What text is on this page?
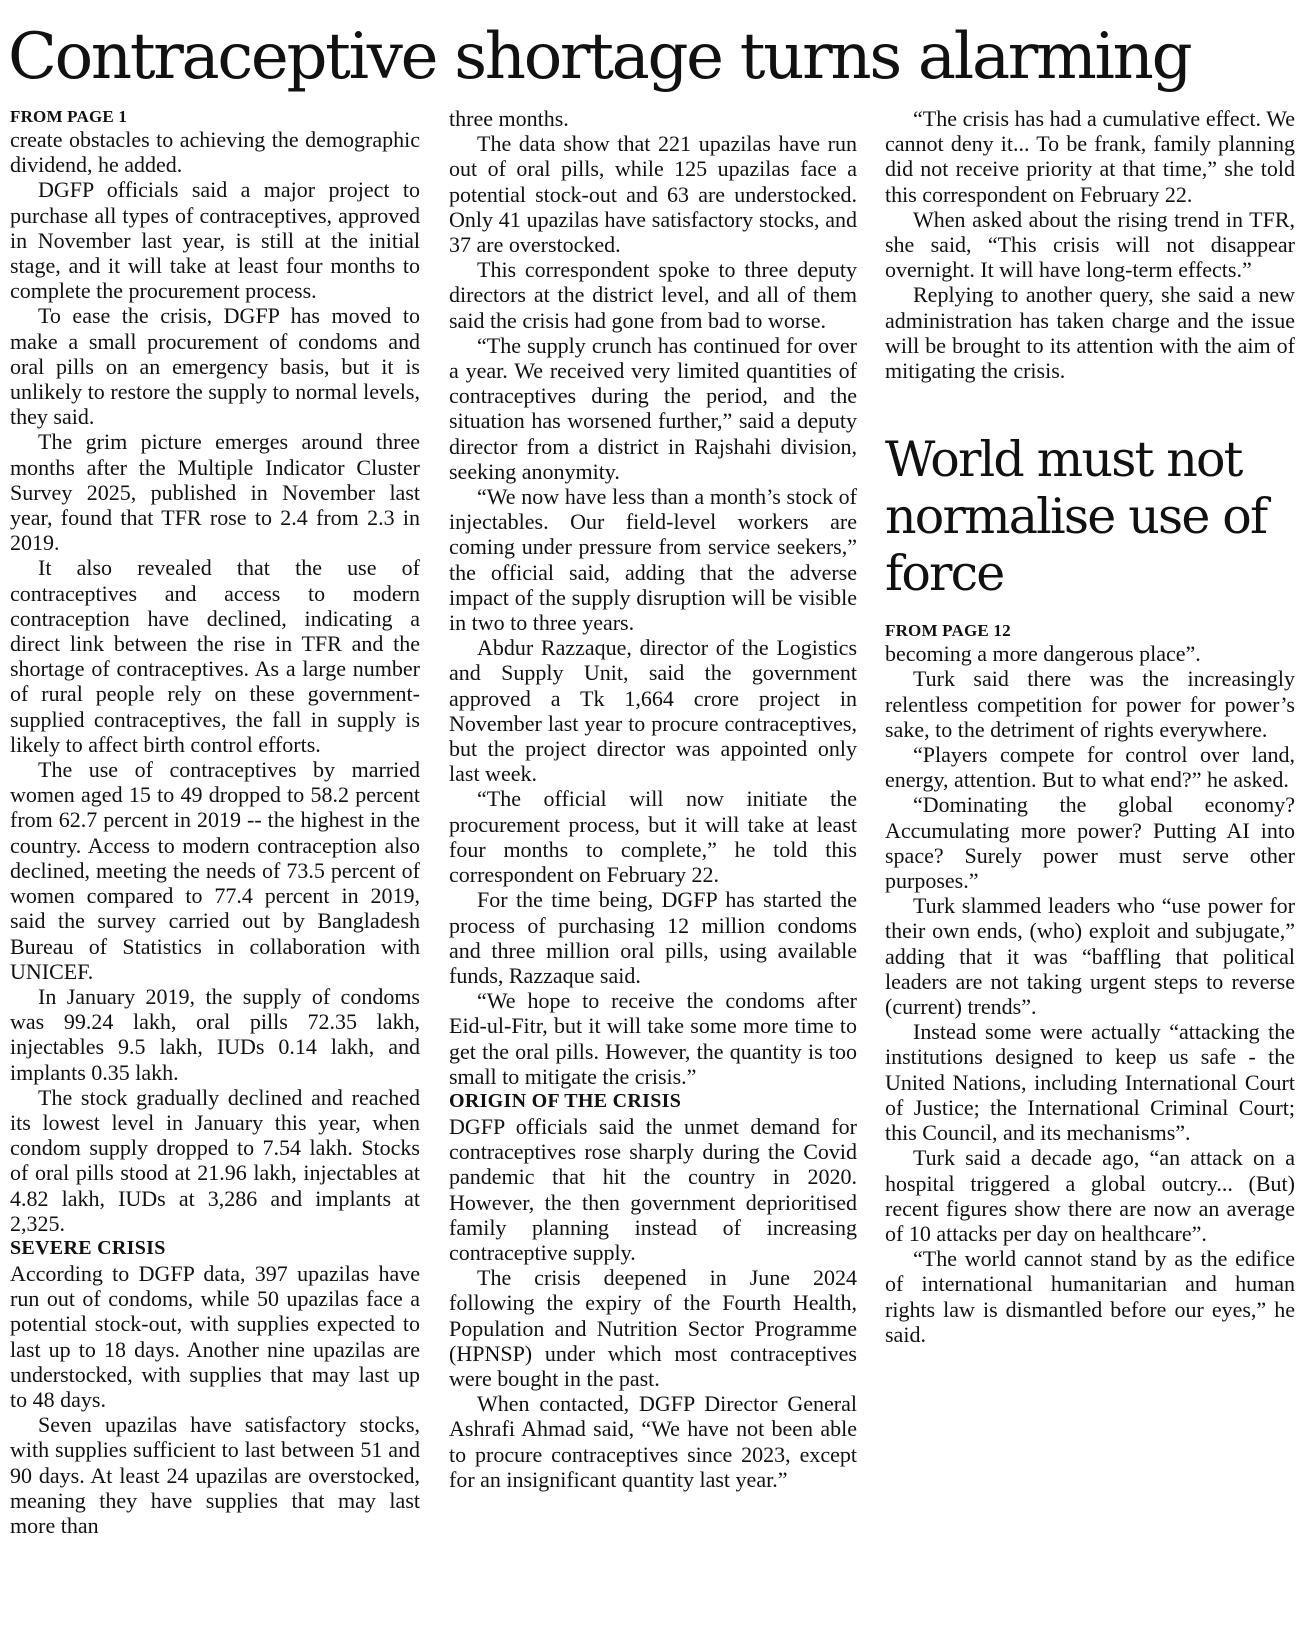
Contraceptive shortage turns alarming
FROM PAGE 1

create obstacles to achieving the demographic dividend, he added.

DGFP officials said a major project to purchase all types of contraceptives, approved in November last year, is still at the initial stage, and it will take at least four months to complete the procurement process.

To ease the crisis, DGFP has moved to make a small procurement of condoms and oral pills on an emergency basis, but it is unlikely to restore the supply to normal levels, they said.

The grim picture emerges around three months after the Multiple Indicator Cluster Survey 2025, published in November last year, found that TFR rose to 2.4 from 2.3 in 2019.

It also revealed that the use of contraceptives and access to modern contraception have declined, indicating a direct link between the rise in TFR and the shortage of contraceptives. As a large number of rural people rely on these government-supplied contraceptives, the fall in supply is likely to affect birth control efforts.

The use of contraceptives by married women aged 15 to 49 dropped to 58.2 percent from 62.7 percent in 2019 -- the highest in the country. Access to modern contraception also declined, meeting the needs of 73.5 percent of women compared to 77.4 percent in 2019, said the survey carried out by Bangladesh Bureau of Statistics in collaboration with UNICEF.

In January 2019, the supply of condoms was 99.24 lakh, oral pills 72.35 lakh, injectables 9.5 lakh, IUDs 0.14 lakh, and implants 0.35 lakh.

The stock gradually declined and reached its lowest level in January this year, when condom supply dropped to 7.54 lakh. Stocks of oral pills stood at 21.96 lakh, injectables at 4.82 lakh, IUDs at 3,286 and implants at 2,325.

SEVERE CRISIS

According to DGFP data, 397 upazilas have run out of condoms, while 50 upazilas face a potential stock-out, with supplies expected to last up to 18 days. Another nine upazilas are understocked, with supplies that may last up to 48 days.

Seven upazilas have satisfactory stocks, with supplies sufficient to last between 51 and 90 days. At least 24 upazilas are overstocked, meaning they have supplies that may last more than

three months.

The data show that 221 upazilas have run out of oral pills, while 125 upazilas face a potential stock-out and 63 are understocked. Only 41 upazilas have satisfactory stocks, and 37 are overstocked.

This correspondent spoke to three deputy directors at the district level, and all of them said the crisis had gone from bad to worse.

“The supply crunch has continued for over a year. We received very limited quantities of contraceptives during the period, and the situation has worsened further,” said a deputy director from a district in Rajshahi division, seeking anonymity.

“We now have less than a month’s stock of injectables. Our field-level workers are coming under pressure from service seekers,” the official said, adding that the adverse impact of the supply disruption will be visible in two to three years.

Abdur Razzaque, director of the Logistics and Supply Unit, said the government approved a Tk 1,664 crore project in November last year to procure contraceptives, but the project director was appointed only last week.

“The official will now initiate the procurement process, but it will take at least four months to complete,” he told this correspondent on February 22.

For the time being, DGFP has started the process of purchasing 12 million condoms and three million oral pills, using available funds, Razzaque said.

“We hope to receive the condoms after Eid-ul-Fitr, but it will take some more time to get the oral pills. However, the quantity is too small to mitigate the crisis.”

ORIGIN OF THE CRISIS

DGFP officials said the unmet demand for contraceptives rose sharply during the Covid pandemic that hit the country in 2020. However, the then government deprioritised family planning instead of increasing contraceptive supply.

The crisis deepened in June 2024 following the expiry of the Fourth Health, Population and Nutrition Sector Programme (HPNSP) under which most contraceptives were bought in the past.

When contacted, DGFP Director General Ashrafi Ahmad said, “We have not been able to procure contraceptives since 2023, except for an insignificant quantity last year.”

“The crisis has had a cumulative effect. We cannot deny it... To be frank, family planning did not receive priority at that time,” she told this correspondent on February 22.

When asked about the rising trend in TFR, she said, “This crisis will not disappear overnight. It will have long-term effects.”

Replying to another query, she said a new administration has taken charge and the issue will be brought to its attention with the aim of mitigating the crisis.

World must not normalise use of force
FROM PAGE 12

becoming a more dangerous place”.

Turk said there was the increasingly relentless competition for power for power’s sake, to the detriment of rights everywhere.

“Players compete for control over land, energy, attention. But to what end?” he asked.

“Dominating the global economy? Accumulating more power? Putting AI into space? Surely power must serve other purposes.”

Turk slammed leaders who “use power for their own ends, (who) exploit and subjugate,” adding that it was “baffling that political leaders are not taking urgent steps to reverse (current) trends”.

Instead some were actually “attacking the institutions designed to keep us safe - the United Nations, including International Court of Justice; the International Criminal Court; this Council, and its mechanisms”.

Turk said a decade ago, “an attack on a hospital triggered a global outcry... (But) recent figures show there are now an average of 10 attacks per day on healthcare”.

“The world cannot stand by as the edifice of international humanitarian and human rights law is dismantled before our eyes,” he said.
